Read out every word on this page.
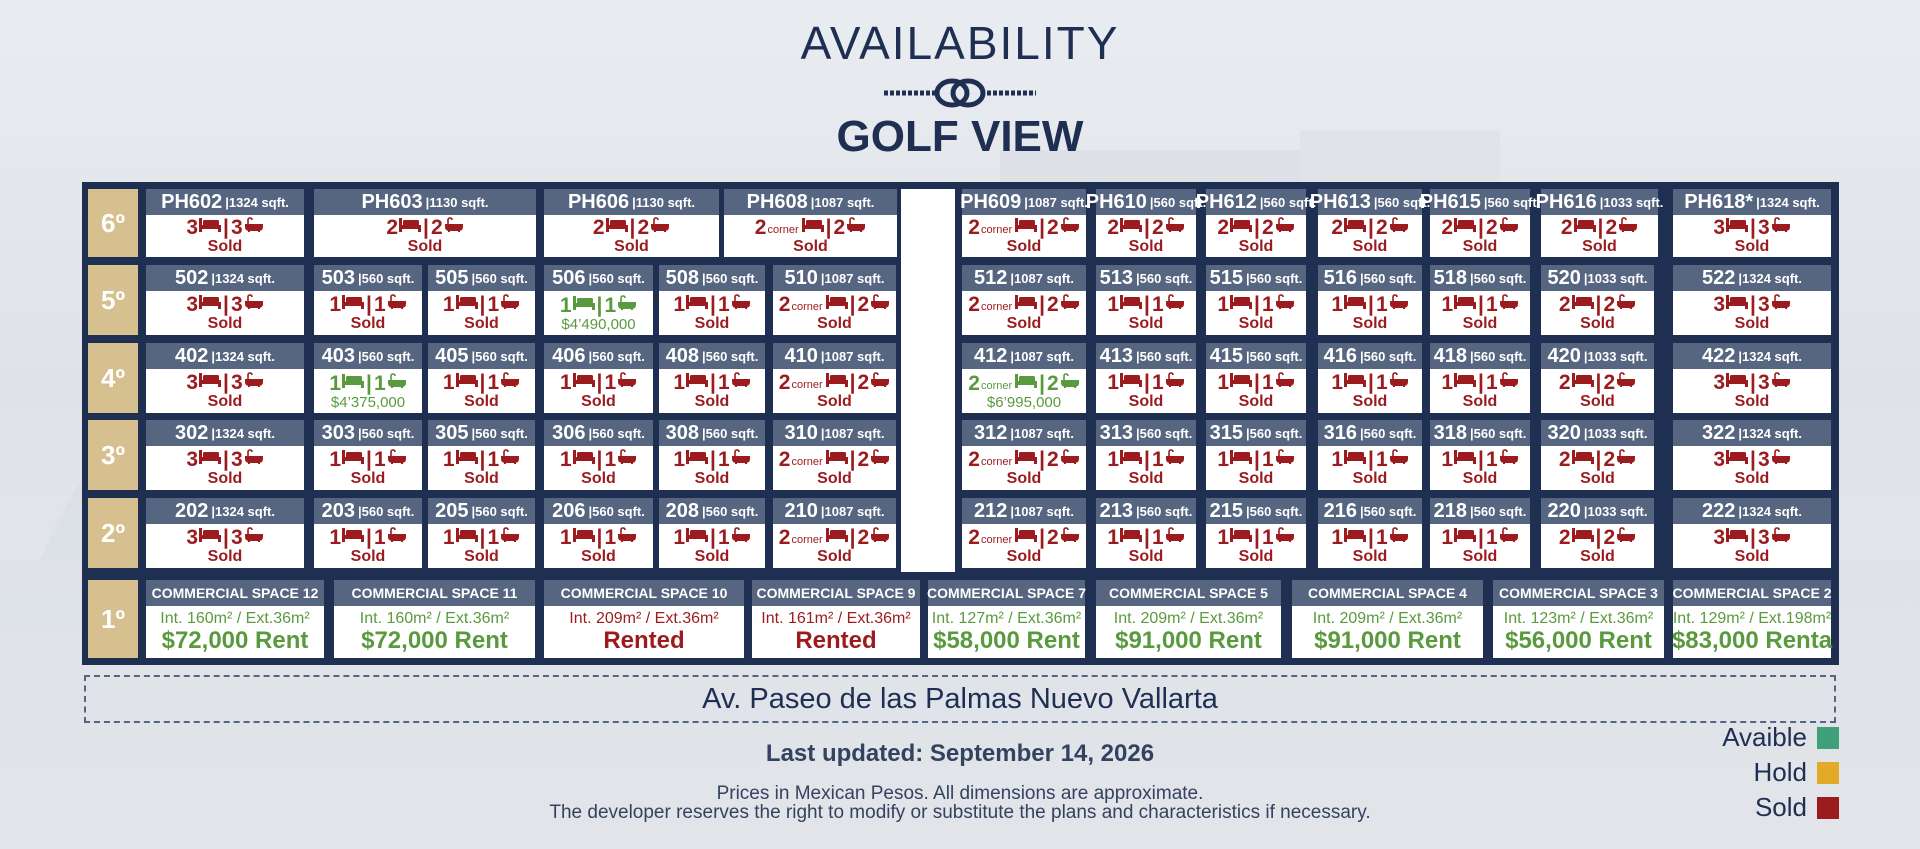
AVAILABILITY
GOLF VIEW
6º
5º
4º
3º
2º
1º
PH602 |1324 sqft.
3 | 3
Sold
PH603 |1130 sqft.
2 | 2
Sold
PH606 |1130 sqft.
2 | 2
Sold
PH608 |1087 sqft.
2 corner | 2
Sold
PH609 |1087 sqft.
2 corner | 2
Sold
PH610 |560 sqft.
2 | 2
Sold
PH612 |560 sqft.
2 | 2
Sold
PH613 |560 sqft.
2 | 2
Sold
PH615 |560 sqft.
2 | 2
Sold
PH616 |1033 sqft.
2 | 2
Sold
PH618* |1324 sqft.
3 | 3
Sold
502 |1324 sqft.
3 | 3
Sold
503 |560 sqft.
1 | 1
Sold
505 |560 sqft.
1 | 1
Sold
506 |560 sqft.
1 | 1
$4’490,000
508 |560 sqft.
1 | 1
Sold
510 |1087 sqft.
2 corner | 2
Sold
512 |1087 sqft.
2 corner | 2
Sold
513 |560 sqft.
1 | 1
Sold
515 |560 sqft.
1 | 1
Sold
516 |560 sqft.
1 | 1
Sold
518 |560 sqft.
1 | 1
Sold
520 |1033 sqft.
2 | 2
Sold
522 |1324 sqft.
3 | 3
Sold
402 |1324 sqft.
3 | 3
Sold
403 |560 sqft.
1 | 1
$4’375,000
405 |560 sqft.
1 | 1
Sold
406 |560 sqft.
1 | 1
Sold
408 |560 sqft.
1 | 1
Sold
410 |1087 sqft.
2 corner | 2
Sold
412 |1087 sqft.
2 corner | 2
$6’995,000
413 |560 sqft.
1 | 1
Sold
415 |560 sqft.
1 | 1
Sold
416 |560 sqft.
1 | 1
Sold
418 |560 sqft.
1 | 1
Sold
420 |1033 sqft.
2 | 2
Sold
422 |1324 sqft.
3 | 3
Sold
302 |1324 sqft.
3 | 3
Sold
303 |560 sqft.
1 | 1
Sold
305 |560 sqft.
1 | 1
Sold
306 |560 sqft.
1 | 1
Sold
308 |560 sqft.
1 | 1
Sold
310 |1087 sqft.
2 corner | 2
Sold
312 |1087 sqft.
2 corner | 2
Sold
313 |560 sqft.
1 | 1
Sold
315 |560 sqft.
1 | 1
Sold
316 |560 sqft.
1 | 1
Sold
318 |560 sqft.
1 | 1
Sold
320 |1033 sqft.
2 | 2
Sold
322 |1324 sqft.
3 | 3
Sold
202 |1324 sqft.
3 | 3
Sold
203 |560 sqft.
1 | 1
Sold
205 |560 sqft.
1 | 1
Sold
206 |560 sqft.
1 | 1
Sold
208 |560 sqft.
1 | 1
Sold
210 |1087 sqft.
2 corner | 2
Sold
212 |1087 sqft.
2 corner | 2
Sold
213 |560 sqft.
1 | 1
Sold
215 |560 sqft.
1 | 1
Sold
216 |560 sqft.
1 | 1
Sold
218 |560 sqft.
1 | 1
Sold
220 |1033 sqft.
2 | 2
Sold
222 |1324 sqft.
3 | 3
Sold
COMMERCIAL SPACE 12
Int. 160m² / Ext.36m²
$72,000 Rent
COMMERCIAL SPACE 11
Int. 160m² / Ext.36m²
$72,000 Rent
COMMERCIAL SPACE 10
Int. 209m² / Ext.36m²
Rented
COMMERCIAL SPACE 9
Int. 161m² / Ext.36m²
Rented
COMMERCIAL SPACE 7
Int. 127m² / Ext.36m²
$58,000 Rent
COMMERCIAL SPACE 5
Int. 209m² / Ext.36m²
$91,000 Rent
COMMERCIAL SPACE 4
Int. 209m² / Ext.36m²
$91,000 Rent
COMMERCIAL SPACE 3
Int. 123m² / Ext.36m²
$56,000 Rent
COMMERCIAL SPACE 2
Int. 129m² / Ext.198m²
$83,000 Renta
Av. Paseo de las Palmas Nuevo Vallarta
Last updated: September 14, 2026
Prices in Mexican Pesos. All dimensions are approximate.
The developer reserves the right to modify or substitute the plans and characteristics if necessary.
Avaible
Hold
Sold
